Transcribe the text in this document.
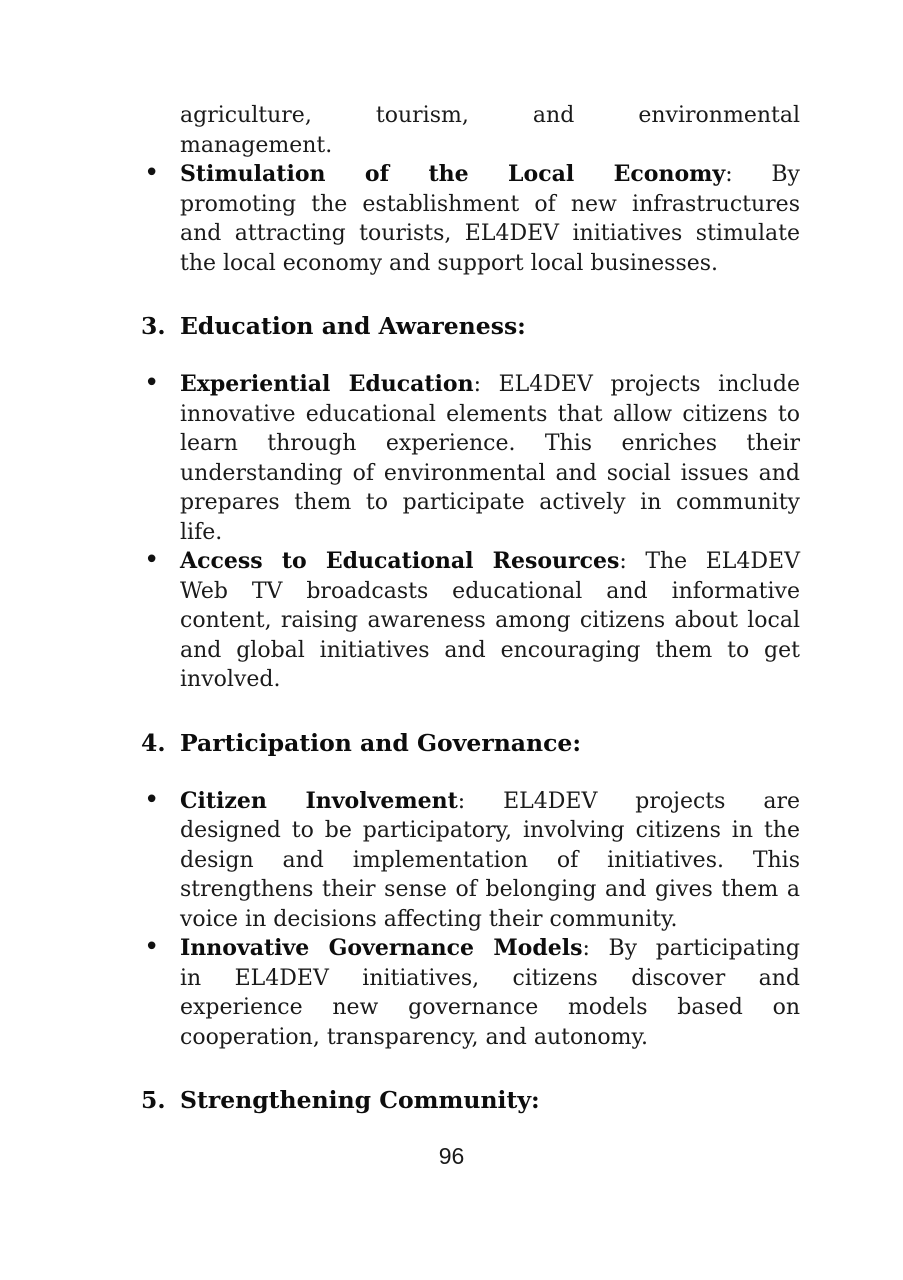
agriculture, tourism, and environmental
management.
• Stimulation of the Local Economy: By
promoting the establishment of new infrastructures
and attracting tourists, EL4DEV initiatives stimulate
the local economy and support local businesses.
3. Education and Awareness:
• Experiential Education: EL4DEV projects include
innovative educational elements that allow citizens to
learn through experience. This enriches their
understanding of environmental and social issues and
prepares them to participate actively in community
life.
• Access to Educational Resources: The EL4DEV
Web TV broadcasts educational and informative
content, raising awareness among citizens about local
and global initiatives and encouraging them to get
involved.
4. Participation and Governance:
• Citizen Involvement: EL4DEV projects are
designed to be participatory, involving citizens in the
design and implementation of initiatives. This
strengthens their sense of belonging and gives them a
voice in decisions affecting their community.
• Innovative Governance Models: By participating
in EL4DEV initiatives, citizens discover and
experience new governance models based on
cooperation, transparency, and autonomy.
5. Strengthening Community:
96
